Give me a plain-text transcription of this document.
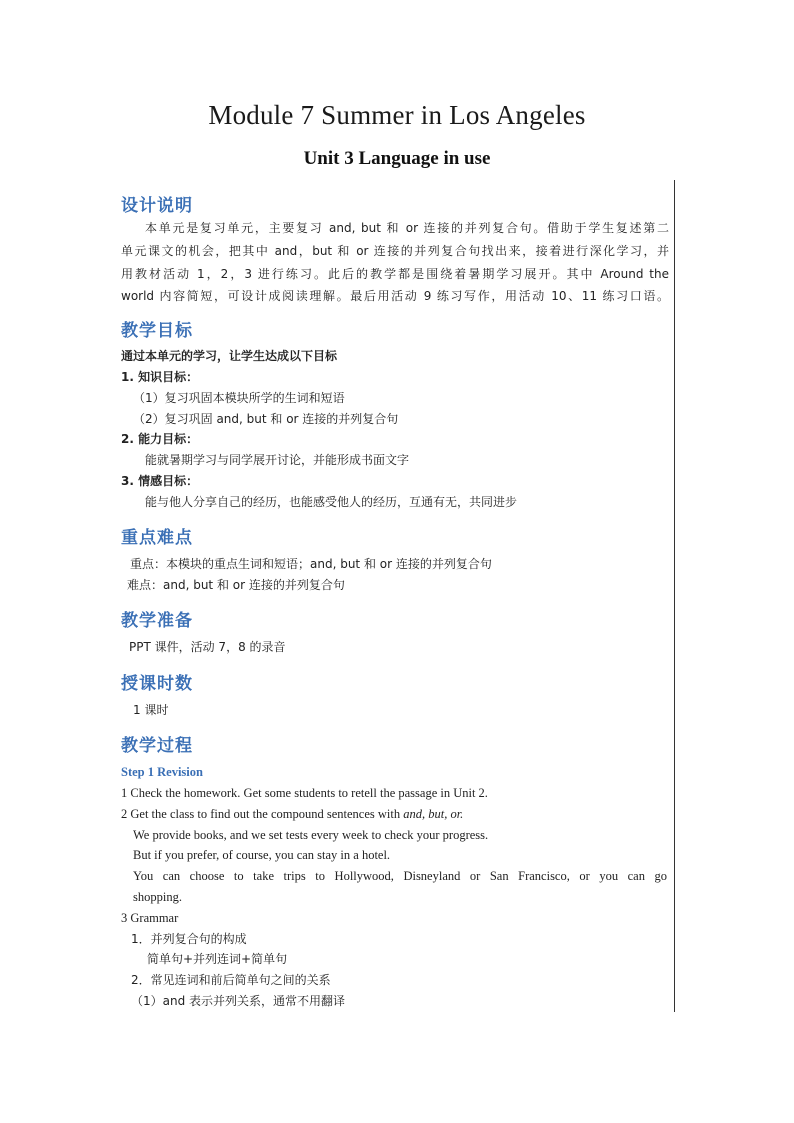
Module 7 Summer in Los Angeles
Unit 3 Language in use
设计说明
本单元是复习单元，主要复习 and, but 和 or 连接的并列复合句。借助于学生复述第二
单元课文的机会，把其中 and，but 和 or 连接的并列复合句找出来，接着进行深化学习，并
用教材活动 1，2，3 进行练习。此后的教学都是围绕着暑期学习展开。其中 Around the
world 内容简短，可设计成阅读理解。最后用活动 9 练习写作，用活动 10、11 练习口语。
教学目标
通过本单元的学习，让学生达成以下目标
1. 知识目标：
（1）复习巩固本模块所学的生词和短语
（2）复习巩固 and, but 和 or 连接的并列复合句
2. 能力目标：
能就暑期学习与同学展开讨论，并能形成书面文字
3. 情感目标：
能与他人分享自己的经历，也能感受他人的经历，互通有无，共同进步
重点难点
重点：本模块的重点生词和短语；and, but 和 or 连接的并列复合句
难点：and, but 和 or 连接的并列复合句
教学准备
PPT 课件，活动 7，8 的录音
授课时数
1 课时
教学过程
Step 1 Revision
1 Check the homework. Get some students to retell the passage in Unit 2.
2 Get the class to find out the compound sentences with and, but, or.
We provide books, and we set tests every week to check your progress.
But if you prefer, of course, you can stay in a hotel.
You can choose to take trips to Hollywood, Disneyland or San Francisco, or you can go
shopping.
3 Grammar
1．并列复合句的构成
简单句+并列连词+简单句
2．常见连词和前后简单句之间的关系
（1）and 表示并列关系，通常不用翻译
